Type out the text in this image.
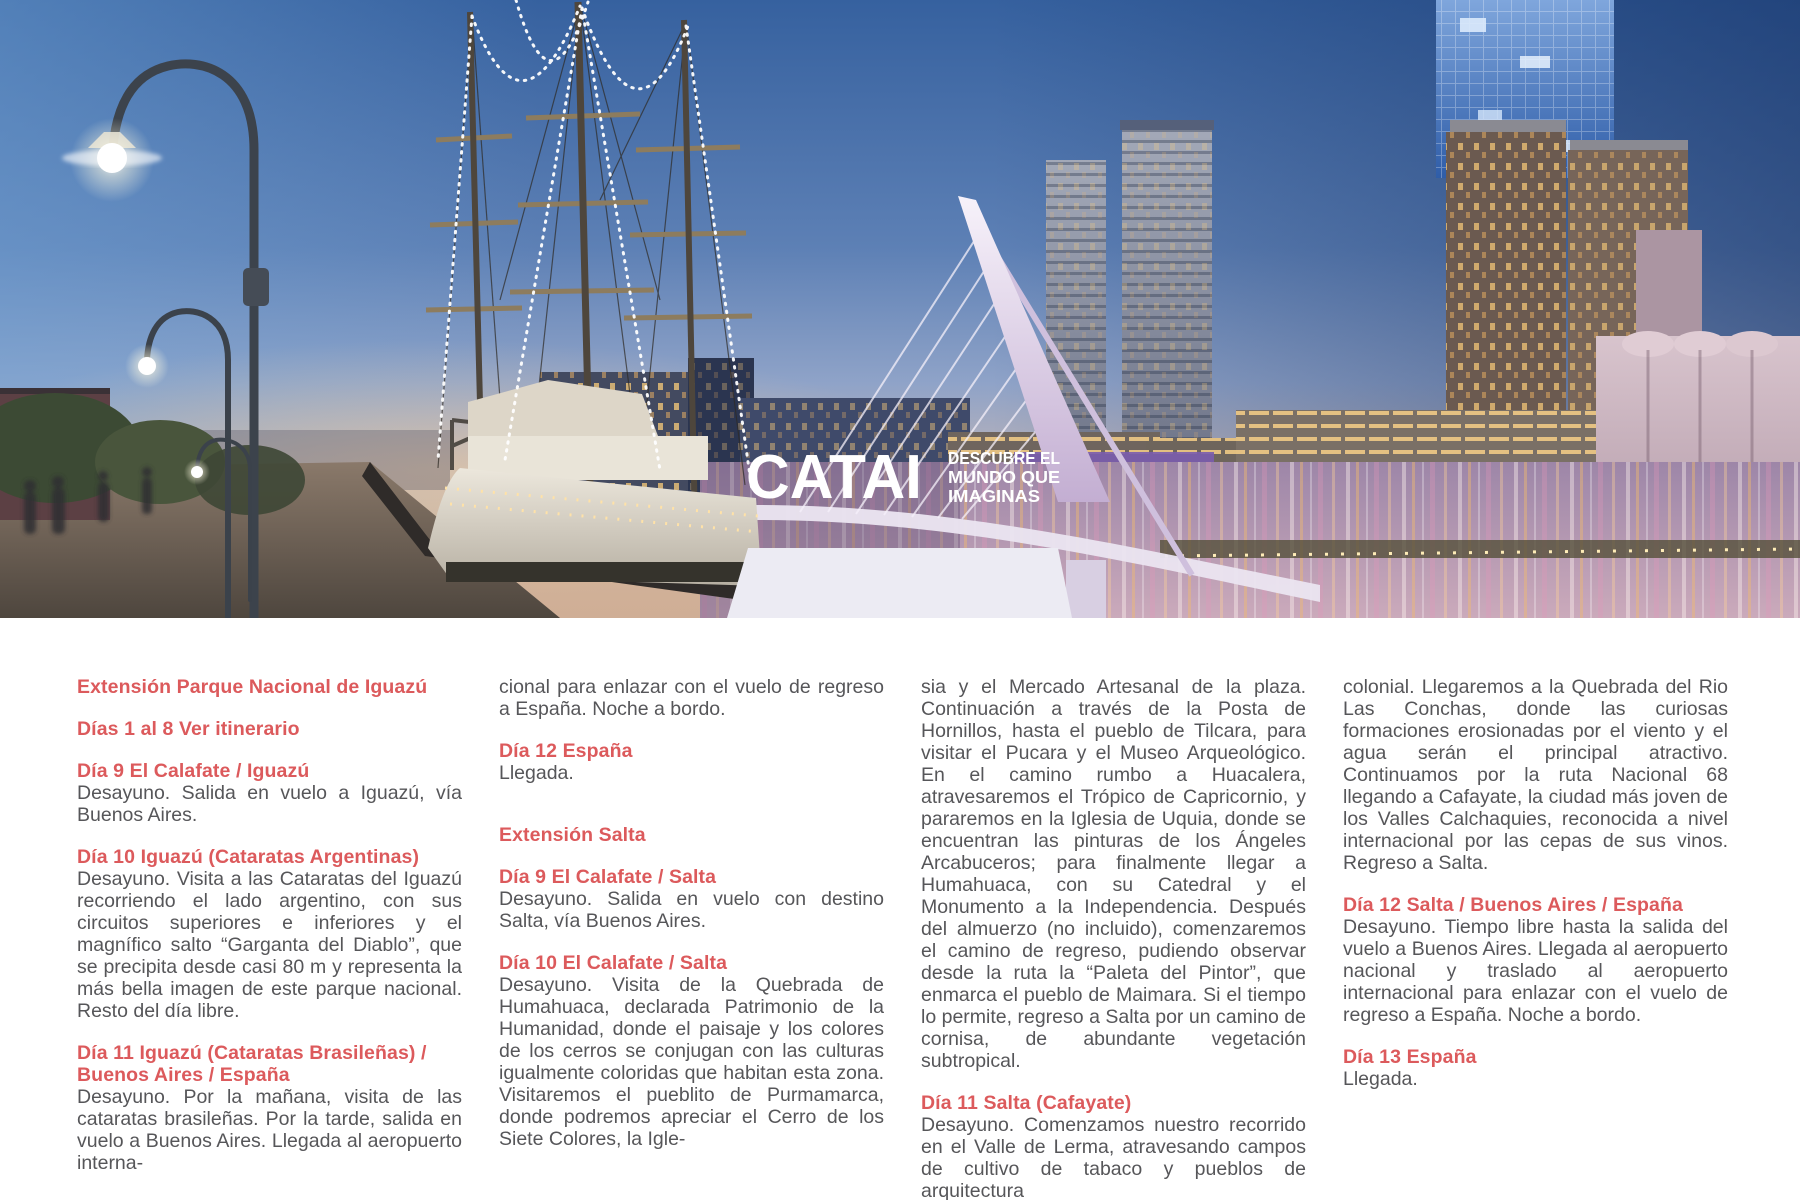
CATAI DESCUBRE EL
MUNDO QUE
IMAGINAS

Extensión Parque Nacional de Iguazú

Días 1 al 8 Ver itinerario

Día 9 El Calafate / Iguazú

Desayuno. Salida en vuelo a Iguazú, vía Buenos Aires.

Día 10 Iguazú (Cataratas Argentinas)

Desayuno. Visita a las Cataratas del Iguazú recorriendo el lado argentino, con sus circuitos superiores e inferiores y el magnífico salto “Garganta del Diablo”, que se precipita desde casi 80 m y representa la más bella imagen de este parque nacional. Resto del día libre.

Día 11 Iguazú (Cataratas Brasileñas) / Buenos Aires / España

Desayuno. Por la mañana, visita de las cataratas brasileñas. Por la tarde, salida en vuelo a Buenos Aires. Llegada al aeropuerto interna-

cional para enlazar con el vuelo de regreso a España. Noche a bordo.

Día 12 España

Llegada.

Extensión Salta

Día 9 El Calafate / Salta

Desayuno. Salida en vuelo con destino Salta, vía Buenos Aires.

Día 10 El Calafate / Salta

Desayuno. Visita de la Quebrada de Humahuaca, declarada Patrimonio de la Humanidad, donde el paisaje y los colores de los cerros se conjugan con las culturas igualmente coloridas que habitan esta zona. Visitaremos el pueblito de Purmamarca, donde podremos apreciar el Cerro de los Siete Colores, la Igle-

sia y el Mercado Artesanal de la plaza. Continuación a través de la Posta de Hornillos, hasta el pueblo de Tilcara, para visitar el Pucara y el Museo Arqueológico. En el camino rumbo a Huacalera, atravesaremos el Trópico de Capricornio, y pararemos en la Iglesia de Uquia, donde se encuentran las pinturas de los Ángeles Arcabuceros; para finalmente llegar a Humahuaca, con su Catedral y el Monumento a la Independencia. Después del almuerzo (no incluido), comenzaremos el camino de regreso, pudiendo observar desde la ruta la “Paleta del Pintor”, que enmarca el pueblo de Maimara. Si el tiempo lo permite, regreso a Salta por un camino de cornisa, de abundante vegetación subtropical.

Día 11 Salta (Cafayate)

Desayuno. Comenzamos nuestro recorrido en el Valle de Lerma, atravesando campos de cultivo de tabaco y pueblos de arquitectura

colonial. Llegaremos a la Quebrada del Rio Las Conchas, donde las curiosas formaciones erosionadas por el viento y el agua serán el principal atractivo. Continuamos por la ruta Nacional 68 llegando a Cafayate, la ciudad más joven de los Valles Calchaquies, reconocida a nivel internacional por las cepas de sus vinos. Regreso a Salta.

Día 12 Salta / Buenos Aires / España

Desayuno. Tiempo libre hasta la salida del vuelo a Buenos Aires. Llegada al aeropuerto nacional y traslado al aeropuerto internacional para enlazar con el vuelo de regreso a España. Noche a bordo.

Día 13 España

Llegada.
